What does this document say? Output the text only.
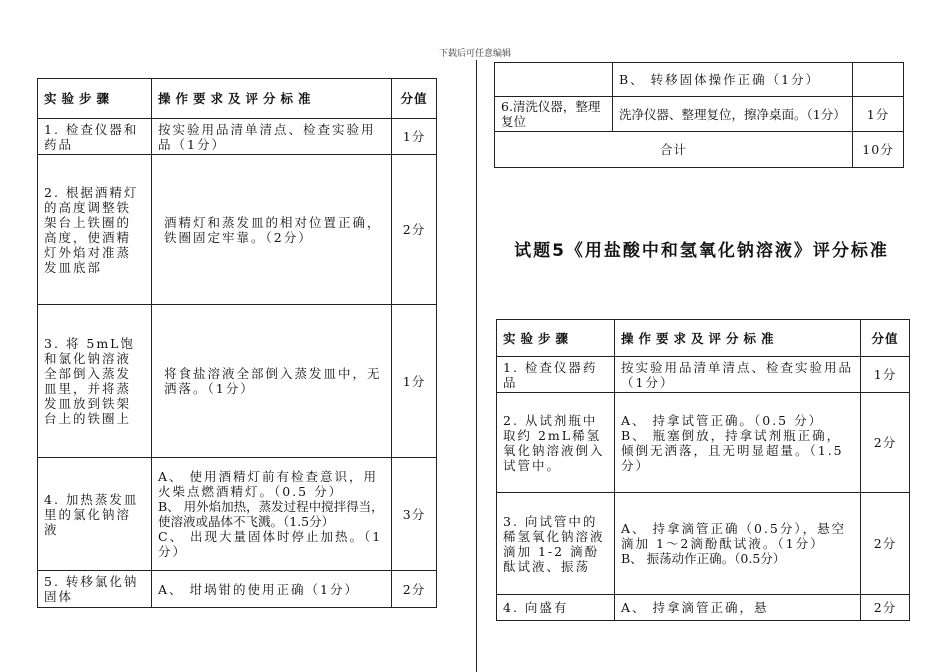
下载后可任意编辑
实验步骤	操作要求及评分标准	分值
1. 检查仪器和药品	按实验用品清单清点、检查实验用品（1分）	1分
2. 根据酒精灯的高度调整铁架台上铁圈的高度，使酒精灯外焰对准蒸发皿底部	酒精灯和蒸发皿的相对位置正确，铁圈固定牢靠。（2分）	2分
3. 将 5mL饱和氯化钠溶液全部倒入蒸发皿里，并将蒸发皿放到铁架台上的铁圈上	将食盐溶液全部倒入蒸发皿中，无洒落。（1分）	1分
4. 加热蒸发皿里的氯化钠溶液	A、 使用酒精灯前有检查意识，用火柴点燃酒精灯。（0.5 分）
B、 用外焰加热，蒸发过程中搅拌得当，使溶液或晶体不飞溅。（1.5分）
C、 出现大量固体时停止加热。（1分）	3分
5. 转移氯化钠固体	A、 坩埚钳的使用正确（1分）	2分
	B、 转移固体操作正确（1分）	
6.清洗仪器，整理复位	洗净仪器、整理复位，擦净桌面。（1分）	1分
合计		10分
试题5《用盐酸中和氢氧化钠溶液》评分标准
实验步骤	操作要求及评分标准	分值
1. 检查仪器药品	按实验用品清单清点、检查实验用品（1分）	1分
2. 从试剂瓶中取约 2mL稀氢氧化钠溶液倒入试管中。	A、 持拿试管正确。（0.5 分）
B、 瓶塞倒放，持拿试剂瓶正确，倾倒无洒落，且无明显超量。（1.5分）	2分
3. 向试管中的稀氢氧化钠溶液滴加 1-2 滴酚酞试液、振荡	A、 持拿滴管正确（0.5分），悬空滴加 1～2滴酚酞试液。（1分）
B、 振荡动作正确。（0.5分）	2分
4. 向盛有	A、 持拿滴管正确，悬	2分
